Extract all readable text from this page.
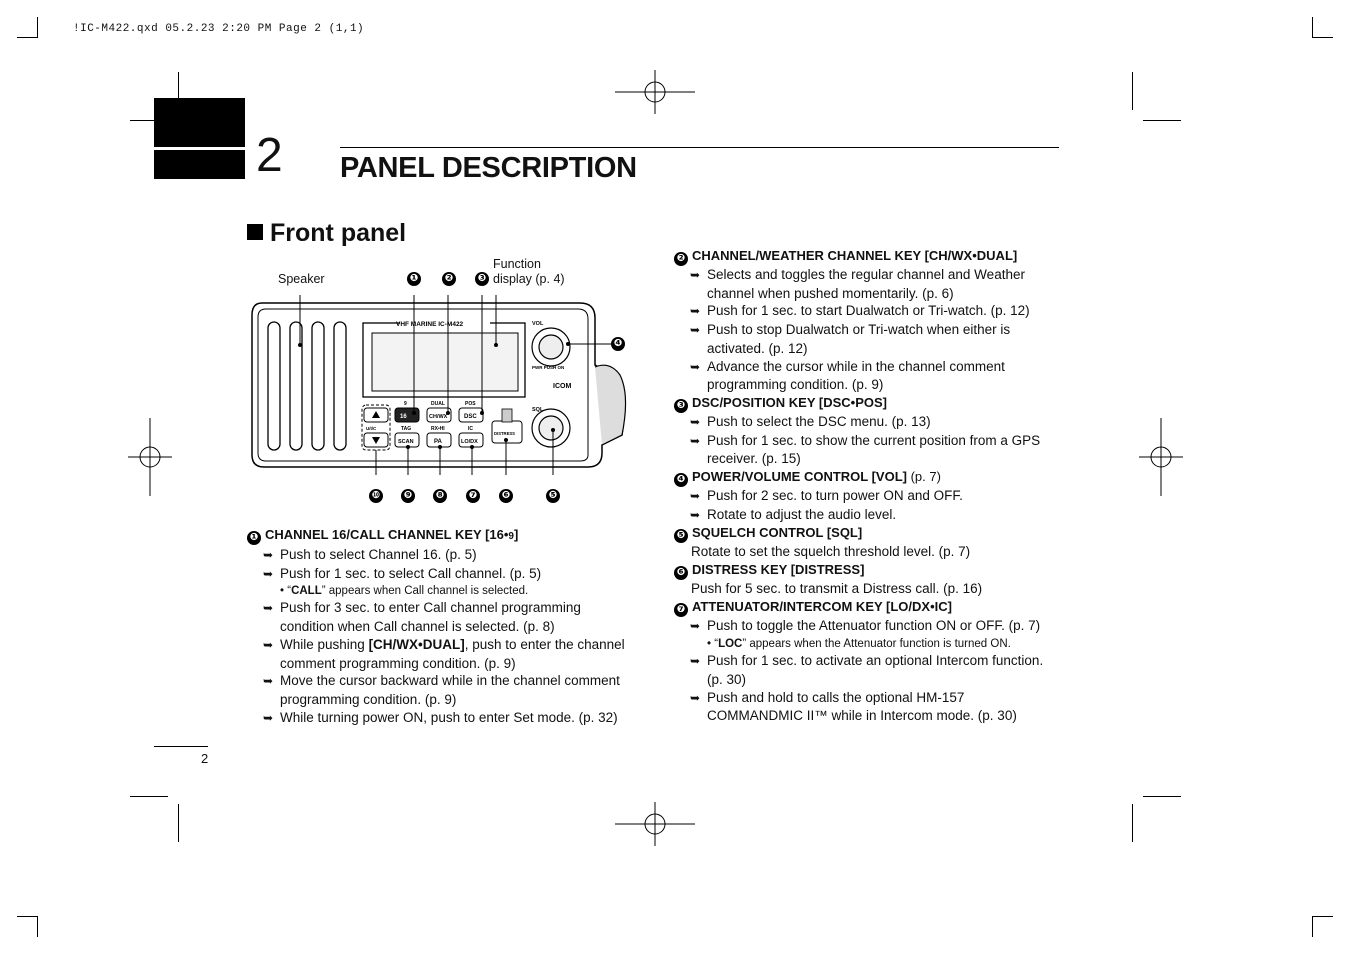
!IC-M422.qxd 05.2.23 2:20 PM Page 2 (1,1)
2 PANEL DESCRIPTION
Front panel
Speaker
Function
display (p. 4)
❶	❷ ❸
❹
❿ ❾ ❽ ❼ ❻	❺
VHF MARINE IC-M422	VOL
PWR PUSH ON
ICOM
SQL
U/I/C
16
9
CH/WX
DUAL
DSC
POS
SCAN
TAG
PA
RX•HI
LO/DX
IC
DISTRESS
❶ CHANNEL 16/CALL CHANNEL KEY [16•9]
➥ Push to select Channel 16. (p. 5)
➥ Push for 1 sec. to select Call channel. (p. 5)
• “CALL” appears when Call channel is selected.
➥ Push for 3 sec. to enter Call channel programming condition when Call channel is selected. (p. 8)
➥ While pushing [CH/WX•DUAL], push to enter the channel comment programming condition. (p. 9)
➥ Move the cursor backward while in the channel comment programming condition. (p. 9)
➥ While turning power ON, push to enter Set mode. (p. 32)
❷ CHANNEL/WEATHER CHANNEL KEY [CH/WX•DUAL]
➥ Selects and toggles the regular channel and Weather channel when pushed momentarily. (p. 6)
➥ Push for 1 sec. to start Dualwatch or Tri-watch. (p. 12)
➥ Push to stop Dualwatch or Tri-watch when either is activated. (p. 12)
➥ Advance the cursor while in the channel comment programming condition. (p. 9)
❸ DSC/POSITION KEY [DSC•POS]
➥ Push to select the DSC menu. (p. 13)
➥ Push for 1 sec. to show the current position from a GPS receiver. (p. 15)
❹ POWER/VOLUME CONTROL [VOL] (p. 7)
➥ Push for 2 sec. to turn power ON and OFF.
➥ Rotate to adjust the audio level.
❺ SQUELCH CONTROL [SQL]
Rotate to set the squelch threshold level. (p. 7)
❻ DISTRESS KEY [DISTRESS]
Push for 5 sec. to transmit a Distress call. (p. 16)
❼ ATTENUATOR/INTERCOM KEY [LO/DX•IC]
➥ Push to toggle the Attenuator function ON or OFF. (p. 7)
• “LOC” appears when the Attenuator function is turned ON.
➥ Push for 1 sec. to activate an optional Intercom function. (p. 30)
➥ Push and hold to calls the optional HM-157 COMMANDMIC II™ while in Intercom mode. (p. 30)
2
